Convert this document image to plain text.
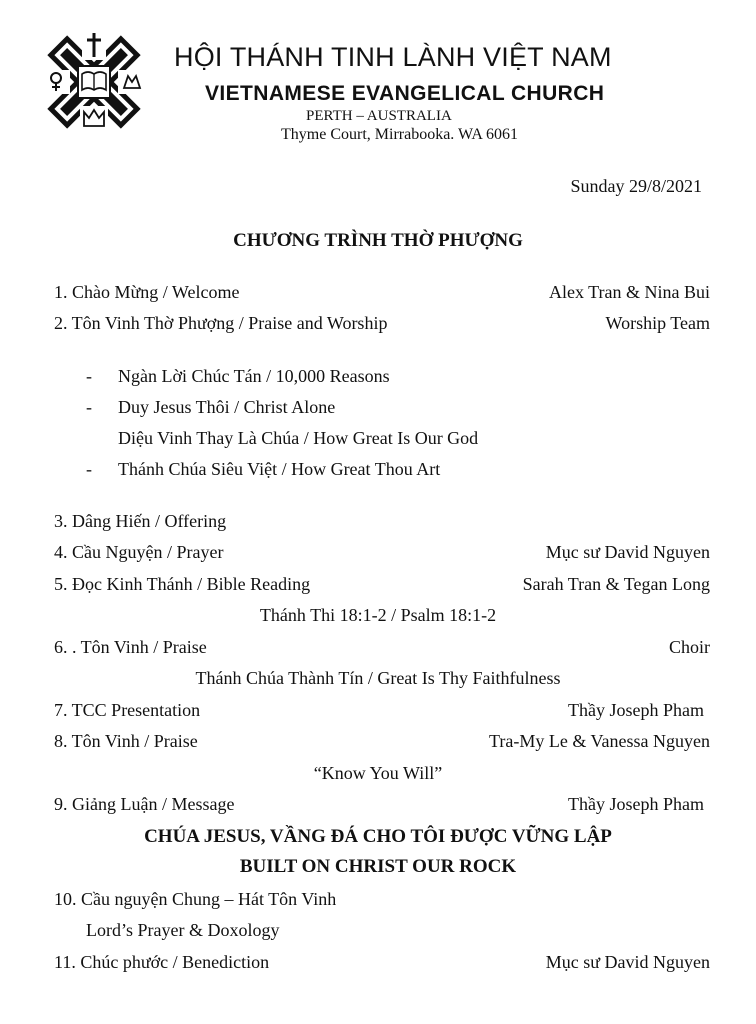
HỘI THÁNH TINH LÀNH VIỆT NAM
VIETNAMESE EVANGELICAL CHURCH
PERTH – AUSTRALIA
Thyme Court, Mirrabooka. WA 6061
Sunday 29/8/2021
CHƯƠNG TRÌNH THỜ PHƯỢNG
1. Chào Mừng / Welcome	Alex Tran & Nina Bui
2. Tôn Vinh Thờ Phượng / Praise and Worship	Worship Team
- Ngàn Lời Chúc Tán / 10,000 Reasons
- Duy Jesus Thôi / Christ Alone
Diệu Vinh Thay Là Chúa / How Great Is Our God
- Thánh Chúa Siêu Việt / How Great Thou Art
3. Dâng Hiến / Offering
4. Cầu Nguyện / Prayer	Mục sư David Nguyen
5. Đọc Kinh Thánh / Bible Reading	Sarah Tran & Tegan Long
Thánh Thi 18:1-2 / Psalm 18:1-2
6. . Tôn Vinh / Praise	Choir
Thánh Chúa Thành Tín / Great Is Thy Faithfulness
7. TCC Presentation	Thầy Joseph Pham
8. Tôn Vinh / Praise	Tra-My Le & Vanessa Nguyen
“Know You Will”
9. Giảng Luận / Message	Thầy Joseph Pham
CHÚA JESUS, VẦNG ĐÁ CHO TÔI ĐƯỢC VỮNG LẬP
BUILT ON CHRIST OUR ROCK
10. Cầu nguyện Chung – Hát Tôn Vinh
Lord’s Prayer & Doxology
11. Chúc phước / Benediction	Mục sư David Nguyen
